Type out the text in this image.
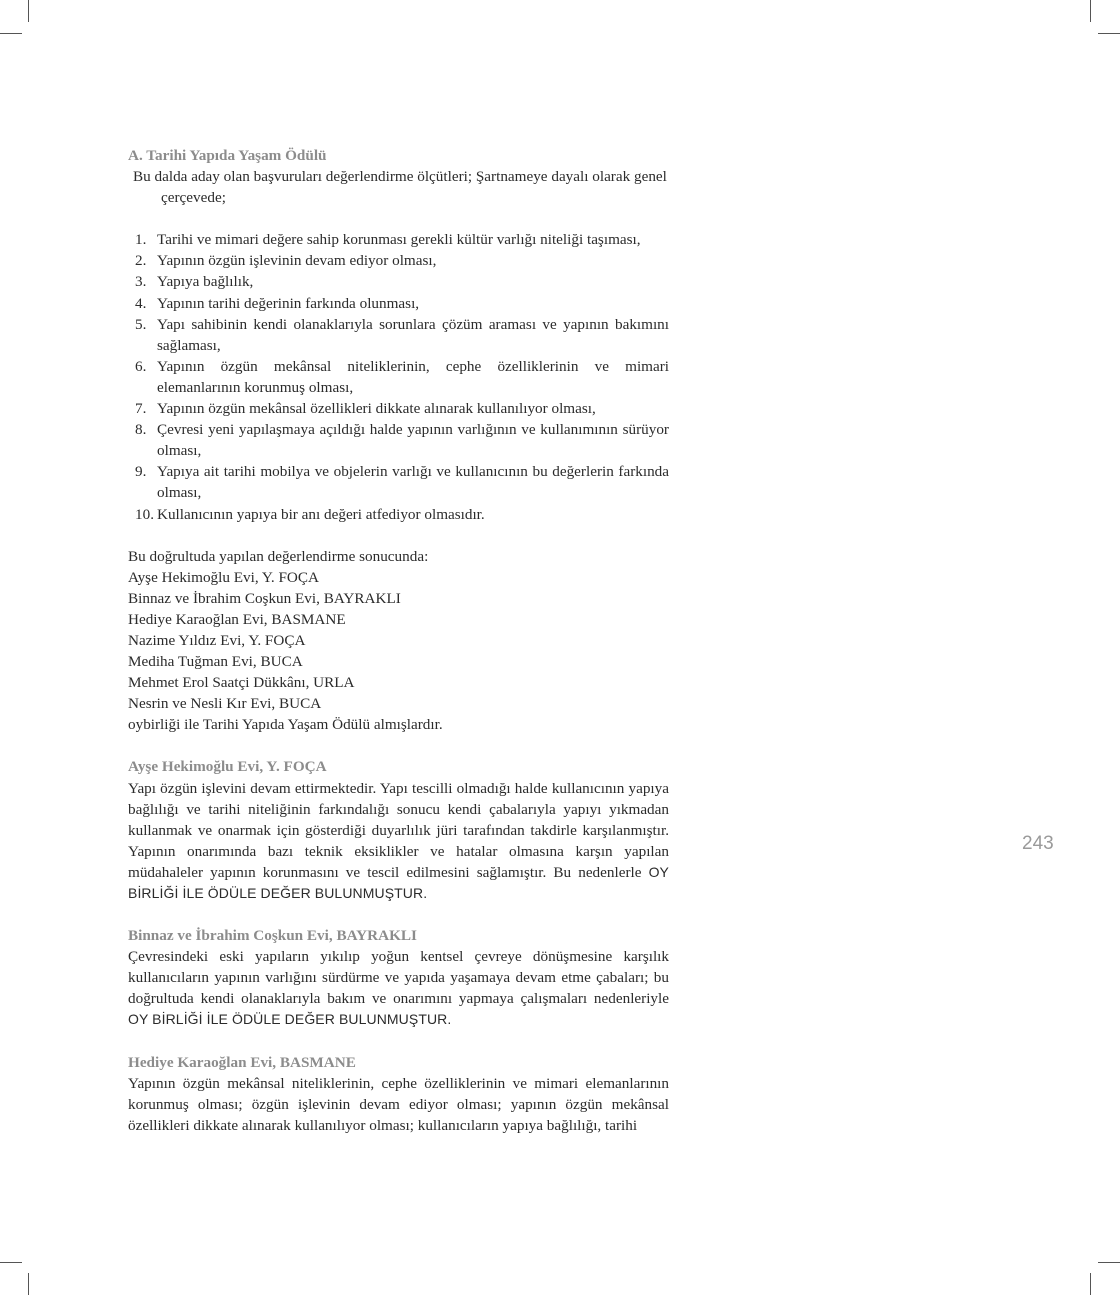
A. Tarihi Yapıda Yaşam Ödülü
Bu dalda aday olan başvuruları değerlendirme ölçütleri; Şartnameye dayalı olarak genel
çerçevede;
1. Tarihi ve mimari değere sahip korunması gerekli kültür varlığı niteliği taşıması,
2. Yapının özgün işlevinin devam ediyor olması,
3. Yapıya bağlılık,
4. Yapının tarihi değerinin farkında olunması,
5. Yapı sahibinin kendi olanaklarıyla sorunlara çözüm araması ve yapının bakımını sağlaması,
6. Yapının özgün mekânsal niteliklerinin, cephe özelliklerinin ve mimari elemanlarının korunmuş olması,
7. Yapının özgün mekânsal özellikleri dikkate alınarak kullanılıyor olması,
8. Çevresi yeni yapılaşmaya açıldığı halde yapının varlığının ve kullanımının sürüyor olması,
9. Yapıya ait tarihi mobilya ve objelerin varlığı ve kullanıcının bu değerlerin farkında olması,
10. Kullanıcının yapıya bir anı değeri atfediyor olmasıdır.
Bu doğrultuda yapılan değerlendirme sonucunda:
Ayşe Hekimoğlu Evi, Y. FOÇA
Binnaz ve İbrahim Coşkun Evi, BAYRAKLI
Hediye Karaoğlan Evi, BASMANE
Nazime Yıldız Evi, Y. FOÇA
Mediha Tuğman Evi, BUCA
Mehmet Erol Saatçi Dükkânı, URLA
Nesrin ve Nesli Kır Evi, BUCA
oybirliği ile Tarihi Yapıda Yaşam Ödülü almışlardır.
Ayşe Hekimoğlu Evi, Y. FOÇA
Yapı özgün işlevini devam ettirmektedir. Yapı tescilli olmadığı halde kullanıcının yapıya bağlılığı ve tarihi niteliğinin farkındalığı sonucu kendi çabalarıyla yapıyı yıkmadan kullanmak ve onarmak için gösterdiği duyarlılık jüri tarafından takdirle karşılanmıştır. Yapının onarımında bazı teknik eksiklikler ve hatalar olmasına karşın yapılan müdahaleler yapının korunmasını ve tescil edilmesini sağlamıştır. Bu nedenlerle OY BİRLİĞİ İLE ÖDÜLE DEĞER BULUNMUŞTUR.
Binnaz ve İbrahim Coşkun Evi, BAYRAKLI
Çevresindeki eski yapıların yıkılıp yoğun kentsel çevreye dönüşmesine karşılık kullanıcıların yapının varlığını sürdürme ve yapıda yaşamaya devam etme çabaları; bu doğrultuda kendi olanaklarıyla bakım ve onarımını yapmaya çalışmaları nedenleriyle OY BİRLİĞİ İLE ÖDÜLE DEĞER BULUNMUŞTUR.
Hediye Karaoğlan Evi, BASMANE
Yapının özgün mekânsal niteliklerinin, cephe özelliklerinin ve mimari elemanlarının korunmuş olması; özgün işlevinin devam ediyor olması; yapının özgün mekânsal özellikleri dikkate alınarak kullanılıyor olması; kullanıcıların yapıya bağlılığı, tarihi
243
